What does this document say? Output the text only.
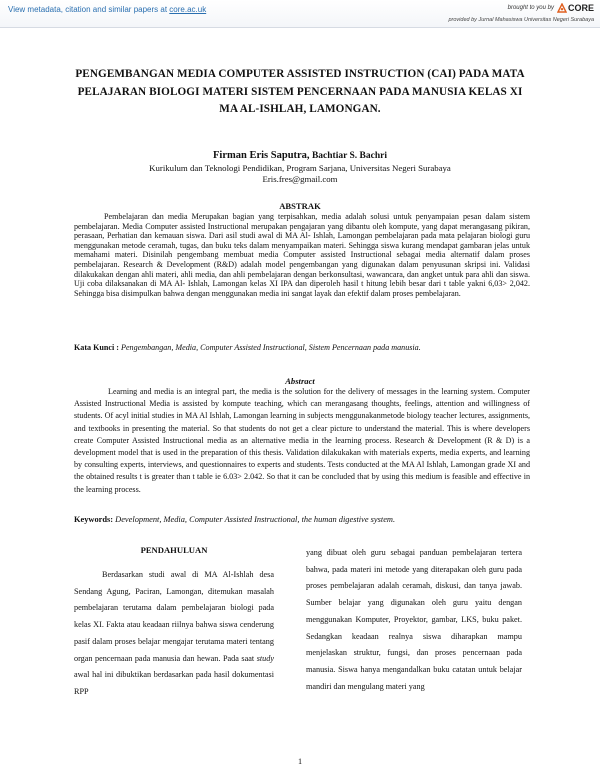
View metadata, citation and similar papers at core.ac.uk	brought to you by CORE
provided by Jurnal Mahasiswa Universitas Negeri Surabaya
PENGEMBANGAN MEDIA COMPUTER ASSISTED INSTRUCTION (CAI) PADA MATA
PELAJARAN BIOLOGI MATERI SISTEM PENCERNAAN PADA MANUSIA KELAS XI
MA AL-ISHLAH, LAMONGAN.
Firman Eris Saputra, Bachtiar S. Bachri
Kurikulum dan Teknologi Pendidikan, Program Sarjana, Universitas Negeri Surabaya
Eris.fres@gmail.com
ABSTRAK
Pembelajaran dan media Merupakan bagian yang terpisahkan, media adalah solusi untuk penyampaian pesan dalam sistem pembelajaran. Media Computer assisted Instructional merupakan pengajaran yang dibantu oleh kompute, yang dapat merangasang pikiran, perasaan, Perhatian dan kemauan siswa. Dari asil studi awal di MA Al- Ishlah, Lamongan pembelajaran pada mata pelajaran biologi guru menggunakan metode ceramah, tugas, dan buku teks dalam menyampaikan materi. Sehingga siswa kurang mendapat gambaran jelas untuk memahami materi. Disinilah pengembang membuat media Computer assisted Instructional sebagai media alternatif dalam proses pembelajaran. Research & Development (R&D) adalah model pengembangan yang digunakan dalam penyusunan skripsi ini. Validasi dilakukakan dengan ahli materi, ahli media, dan ahli pembelajaran dengan berkonsultasi, wawancara, dan angket untuk para ahli dan siswa. Uji coba dilaksanakan di MA Al- Ishlah, Lamongan kelas XI IPA dan diperoleh hasil t hitung lebih besar dari t table yakni 6,03> 2,042. Sehingga bisa disimpulkan bahwa dengan menggunakan media ini sangat layak dan efektif dalam proses pembelajaran.
Kata Kunci : Pengembangan, Media, Computer Assisted Instructional, Sistem Pencernaan pada manusia.
Abstract
Learning and media is an integral part, the media is the solution for the delivery of messages in the learning system. Computer Assisted Instructional Media is assisted by kompute teaching, which can merangasang thoughts, feelings, attention and willingness of students. Of acyl initial studies in MA Al Ishlah, Lamongan learning in subjects menggunakanmetode biology teacher lectures, assignments, and textbooks in presenting the material. So that students do not get a clear picture to understand the material. This is where developers create Computer Assisted Instructional media as an alternative media in the learning process. Research & Development (R & D) is a development model that is used in the preparation of this thesis. Validation dilakukakan with materials experts, media experts, and learning by consulting experts, interviews, and questionnaires to experts and students. Tests conducted at the MA Al Ishlah, Lamongan grade XI and the obtained results t is greater than t table ie 6.03> 2.042. So that it can be concluded that by using this medium is feasible and effective in the learning process.
Keywords: Development, Media, Computer Assisted Instructional, the human digestive system.
PENDAHULUAN

Berdasarkan studi awal di MA Al-Ishlah desa Sendang Agung, Paciran, Lamongan, ditemukan masalah pembelajaran terutama dalam pembelajaran biologi pada kelas XI. Fakta atau keadaan riilnya bahwa siswa cenderung pasif dalam proses belajar mengajar terutama materi tentang organ pencernaan pada manusia dan hewan. Pada saat study awal hal ini dibuktikan berdasarkan pada hasil dokumentasi RPP

yang dibuat oleh guru sebagai panduan pembelajaran tertera bahwa, pada materi ini metode yang diterapakan oleh guru pada proses pembelajaran adalah ceramah, diskusi, dan tanya jawab. Sumber belajar yang digunakan oleh guru yaitu dengan menggunakan Komputer, Proyektor, gambar, LKS, buku paket. Sedangkan keadaan realnya siswa diharapkan mampu menjelaskan struktur, fungsi, dan proses pencernaan pada manusia. Siswa hanya mengandalkan buku catatan untuk belajar mandiri dan mengulang materi yang

1
